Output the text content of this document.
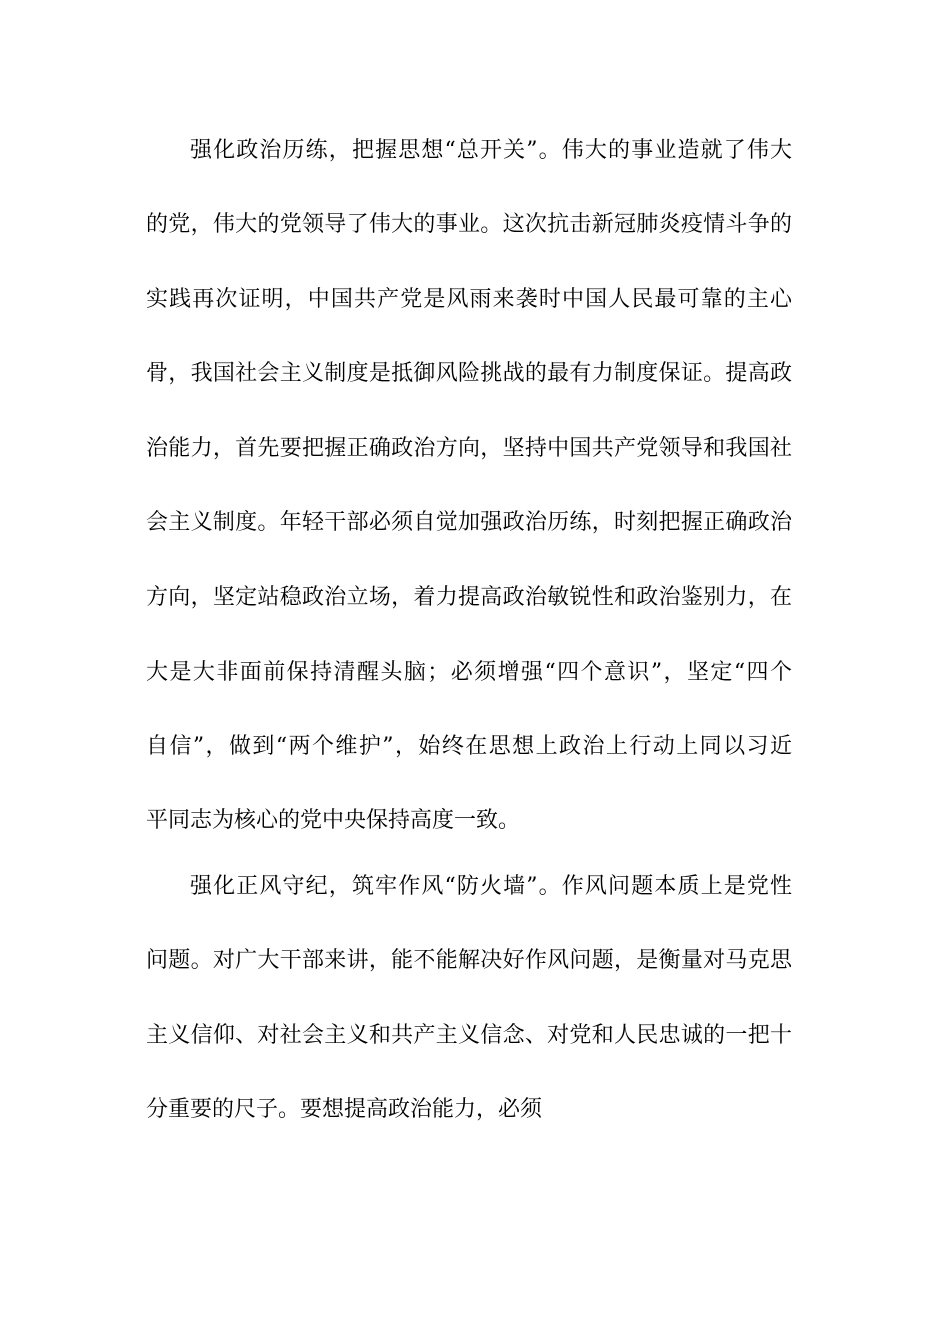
强化政治历练，把握思想“总开关”。伟大的事业造就了伟大
的党，伟大的党领导了伟大的事业。这次抗击新冠肺炎疫情斗争的
实践再次证明，中国共产党是风雨来袭时中国人民最可靠的主心
骨，我国社会主义制度是抵御风险挑战的最有力制度保证。提高政
治能力，首先要把握正确政治方向，坚持中国共产党领导和我国社
会主义制度。年轻干部必须自觉加强政治历练，时刻把握正确政治
方向，坚定站稳政治立场，着力提高政治敏锐性和政治鉴别力，在
大是大非面前保持清醒头脑；必须增强“四个意识”，坚定“四个
自信”，做到“两个维护”，始终在思想上政治上行动上同以习近
平同志为核心的党中央保持高度一致。
强化正风守纪，筑牢作风“防火墙”。作风问题本质上是党性
问题。对广大干部来讲，能不能解决好作风问题，是衡量对马克思
主义信仰、对社会主义和共产主义信念、对党和人民忠诚的一把十
分重要的尺子。要想提高政治能力，必须
